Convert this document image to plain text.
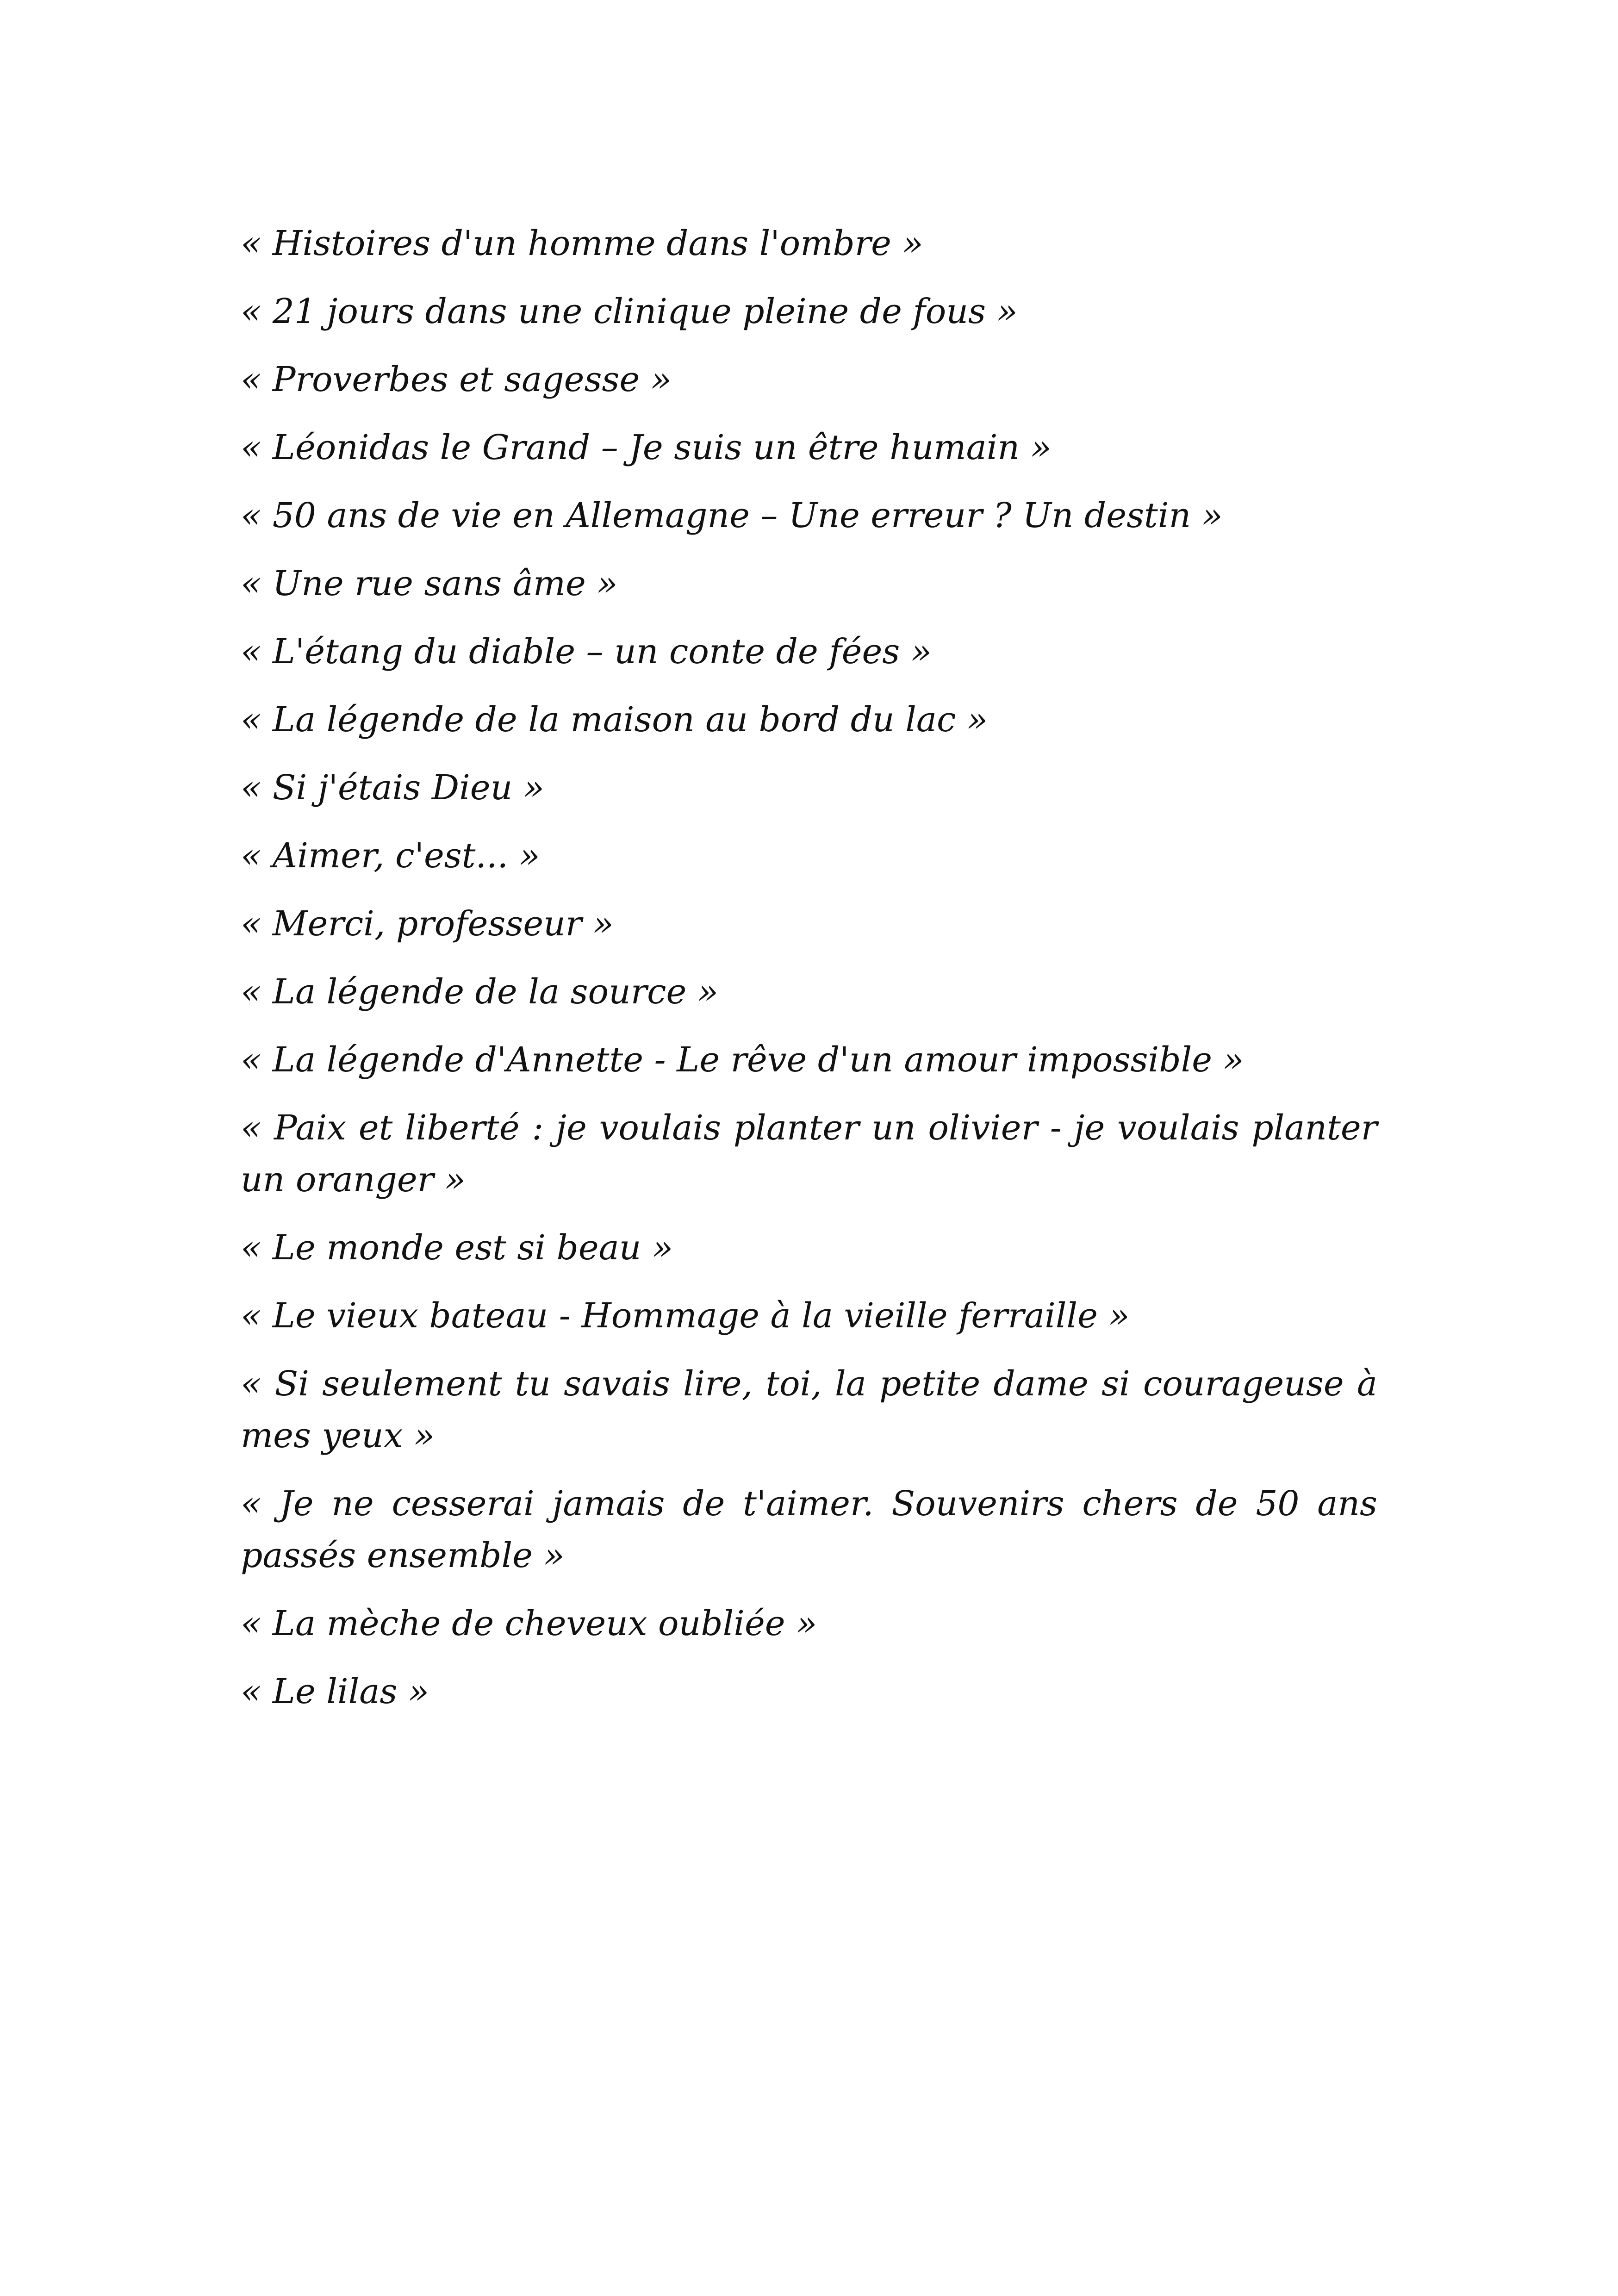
« Histoires d'un homme dans l'ombre »
« 21 jours dans une clinique pleine de fous »
« Proverbes et sagesse »
« Léonidas le Grand – Je suis un être humain »
« 50 ans de vie en Allemagne – Une erreur ? Un destin »
« Une rue sans âme »
« L'étang du diable – un conte de fées »
« La légende de la maison au bord du lac »
« Si j'étais Dieu »
« Aimer, c'est... »
« Merci, professeur »
« La légende de la source »
« La légende d'Annette - Le rêve d'un amour impossible »
« Paix et liberté : je voulais planter un olivier - je voulais planter un oranger »
« Le monde est si beau »
« Le vieux bateau - Hommage à la vieille ferraille »
« Si seulement tu savais lire, toi, la petite dame si courageuse à mes yeux »
« Je ne cesserai jamais de t'aimer. Souvenirs chers de 50 ans passés ensemble »
« La mèche de cheveux oubliée »
« Le lilas »
